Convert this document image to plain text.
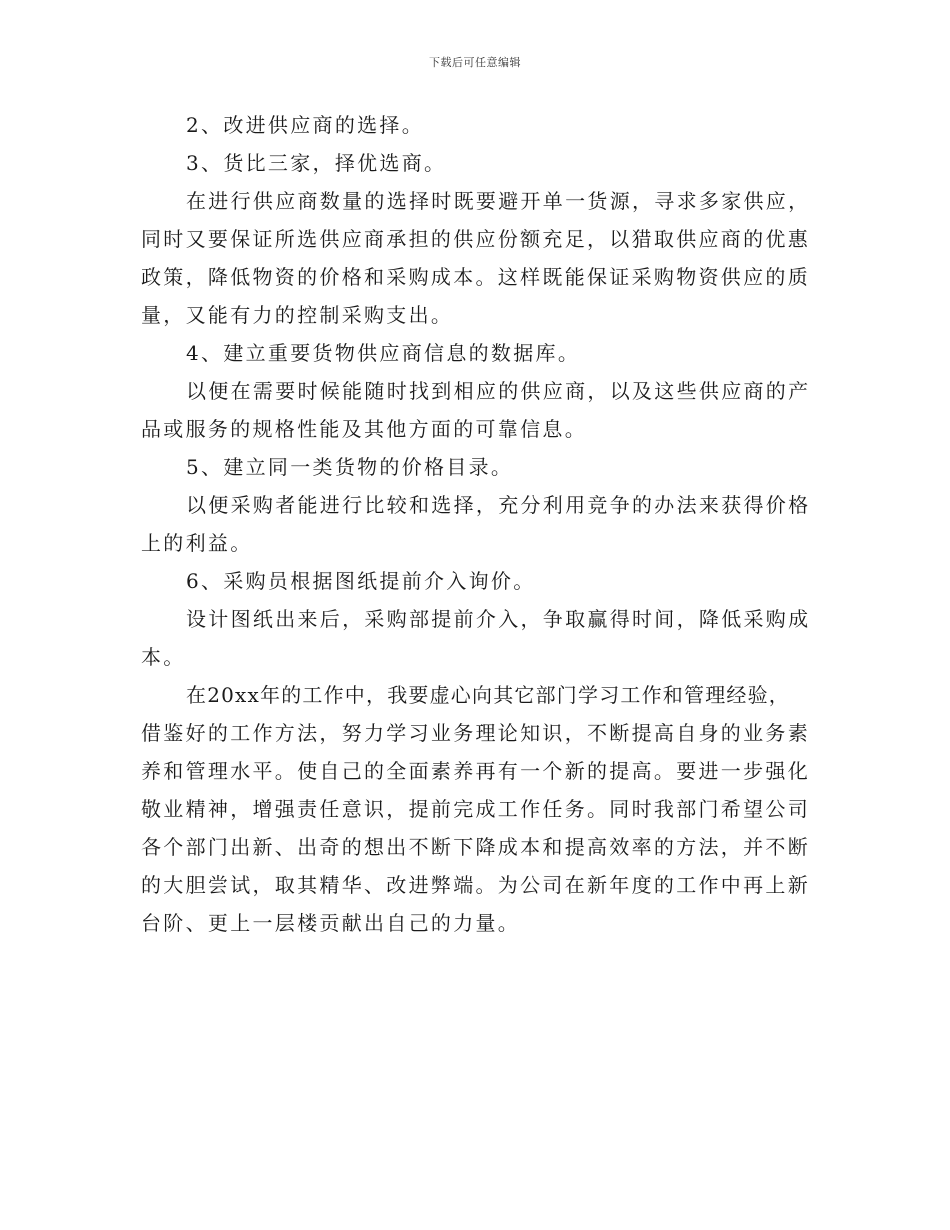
下载后可任意编辑
2、改进供应商的选择。
3、货比三家，择优选商。
在进行供应商数量的选择时既要避开单一货源，寻求多家供应，
同时又要保证所选供应商承担的供应份额充足，以猎取供应商的优惠
政策，降低物资的价格和采购成本。这样既能保证采购物资供应的质
量，又能有力的控制采购支出。
4、建立重要货物供应商信息的数据库。
以便在需要时候能随时找到相应的供应商，以及这些供应商的产
品或服务的规格性能及其他方面的可靠信息。
5、建立同一类货物的价格目录。
以便采购者能进行比较和选择，充分利用竞争的办法来获得价格
上的利益。
6、采购员根据图纸提前介入询价。
设计图纸出来后，采购部提前介入，争取赢得时间，降低采购成
本。
在20xx年的工作中，我要虚心向其它部门学习工作和管理经验，
借鉴好的工作方法，努力学习业务理论知识，不断提高自身的业务素
养和管理水平。使自己的全面素养再有一个新的提高。要进一步强化
敬业精神，增强责任意识，提前完成工作任务。同时我部门希望公司
各个部门出新、出奇的想出不断下降成本和提高效率的方法，并不断
的大胆尝试，取其精华、改进弊端。为公司在新年度的工作中再上新
台阶、更上一层楼贡献出自己的力量。
